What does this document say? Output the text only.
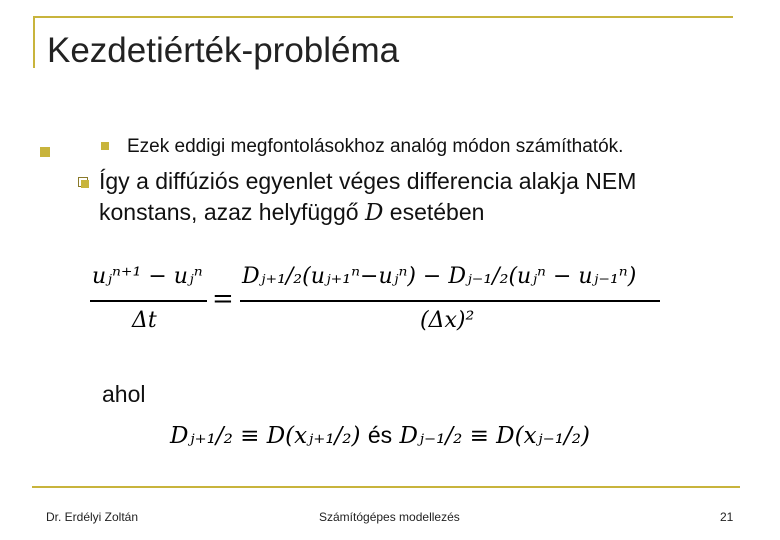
Kezdetiérték-probléma
Ezek eddigi megfontolásokhoz analóg módon számíthatók.
Így a diffúziós egyenlet véges differencia alakja NEM
konstans, azaz helyfüggő D esetében
uⱼⁿ⁺¹ − uⱼⁿ
Δt
=
Dⱼ₊₁/₂(uⱼ₊₁ⁿ−uⱼⁿ) − Dⱼ₋₁/₂(uⱼⁿ − uⱼ₋₁ⁿ)
(Δx)²
ahol
Dⱼ₊₁/₂ ≡ D(xⱼ₊₁/₂) és Dⱼ₋₁/₂ ≡ D(xⱼ₋₁/₂)
Dr. Erdélyi Zoltán	Számítógépes modellezés	21
